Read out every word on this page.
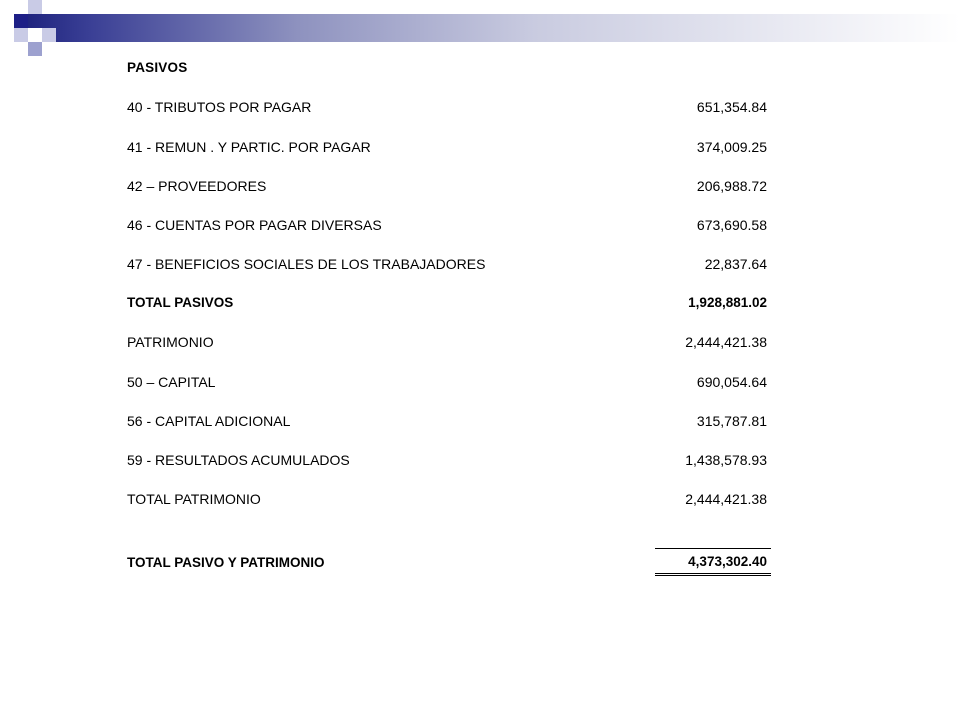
PASIVOS
40 - TRIBUTOS POR PAGAR	651,354.84
41 - REMUN . Y PARTIC. POR PAGAR	374,009.25
42 – PROVEEDORES	206,988.72
46 - CUENTAS POR PAGAR DIVERSAS	673,690.58
47 - BENEFICIOS SOCIALES DE LOS TRABAJADORES	22,837.64
TOTAL PASIVOS	1,928,881.02
PATRIMONIO	2,444,421.38
50 – CAPITAL	690,054.64
56 - CAPITAL ADICIONAL	315,787.81
59 - RESULTADOS ACUMULADOS	1,438,578.93
TOTAL PATRIMONIO	2,444,421.38
TOTAL PASIVO Y PATRIMONIO	4,373,302.40
